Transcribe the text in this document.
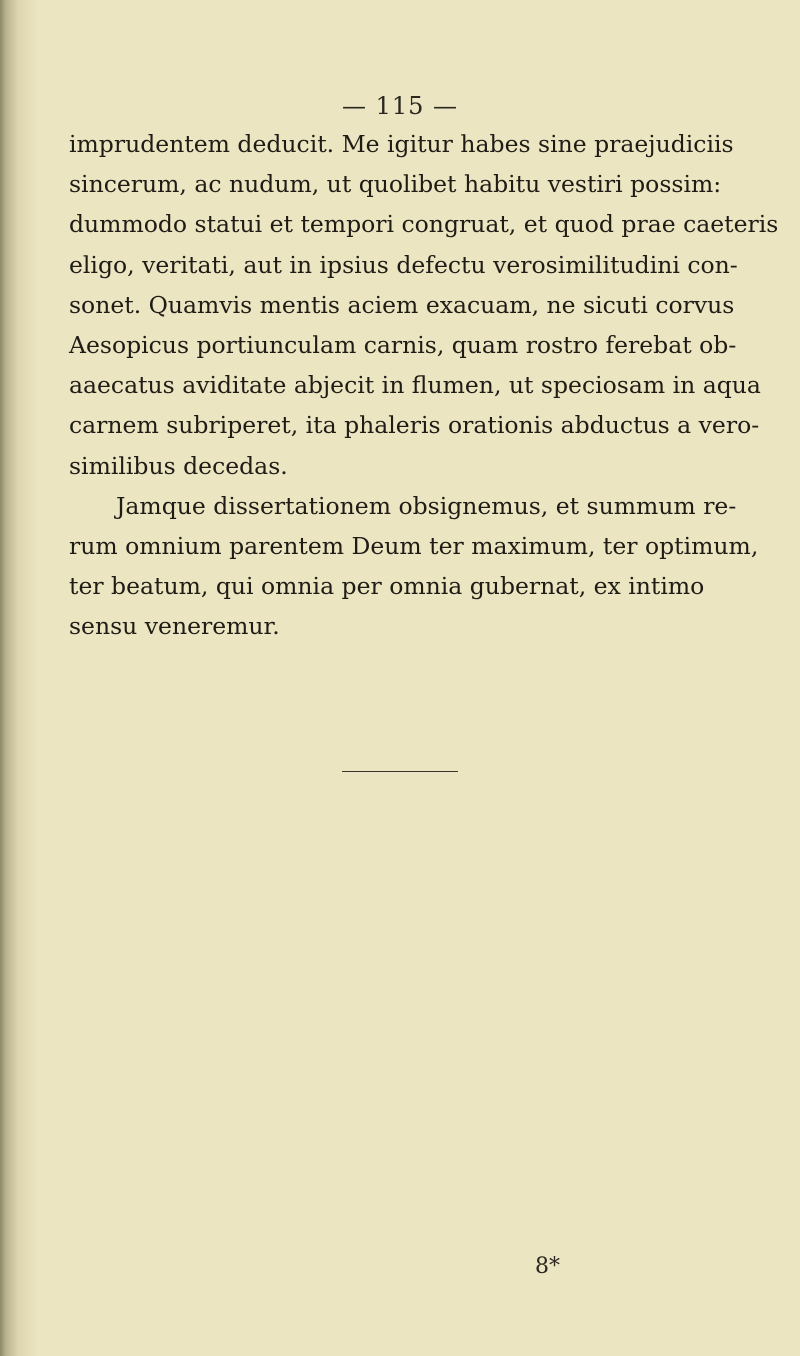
— 115 —
imprudentem deducit. Me igitur habes sine praejudiciis
sincerum, ac nudum, ut quolibet habitu vestiri possim:
dummodo statui et tempori congruat, et quod prae caeteris
eligo, veritati, aut in ipsius defectu verosimilitudini con-
sonet. Quamvis mentis aciem exacuam, ne sicuti corvus
Aesopicus portiunculam carnis, quam rostro ferebat ob-
aaecatus aviditate abjecit in flumen, ut speciosam in aqua
carnem subriperet, ita phaleris orationis abductus a vero-
similibus decedas.
Jamque dissertationem obsignemus, et summum re-
rum omnium parentem Deum ter maximum, ter optimum,
ter beatum, qui omnia per omnia gubernat, ex intimo
sensu veneremur.
8*
